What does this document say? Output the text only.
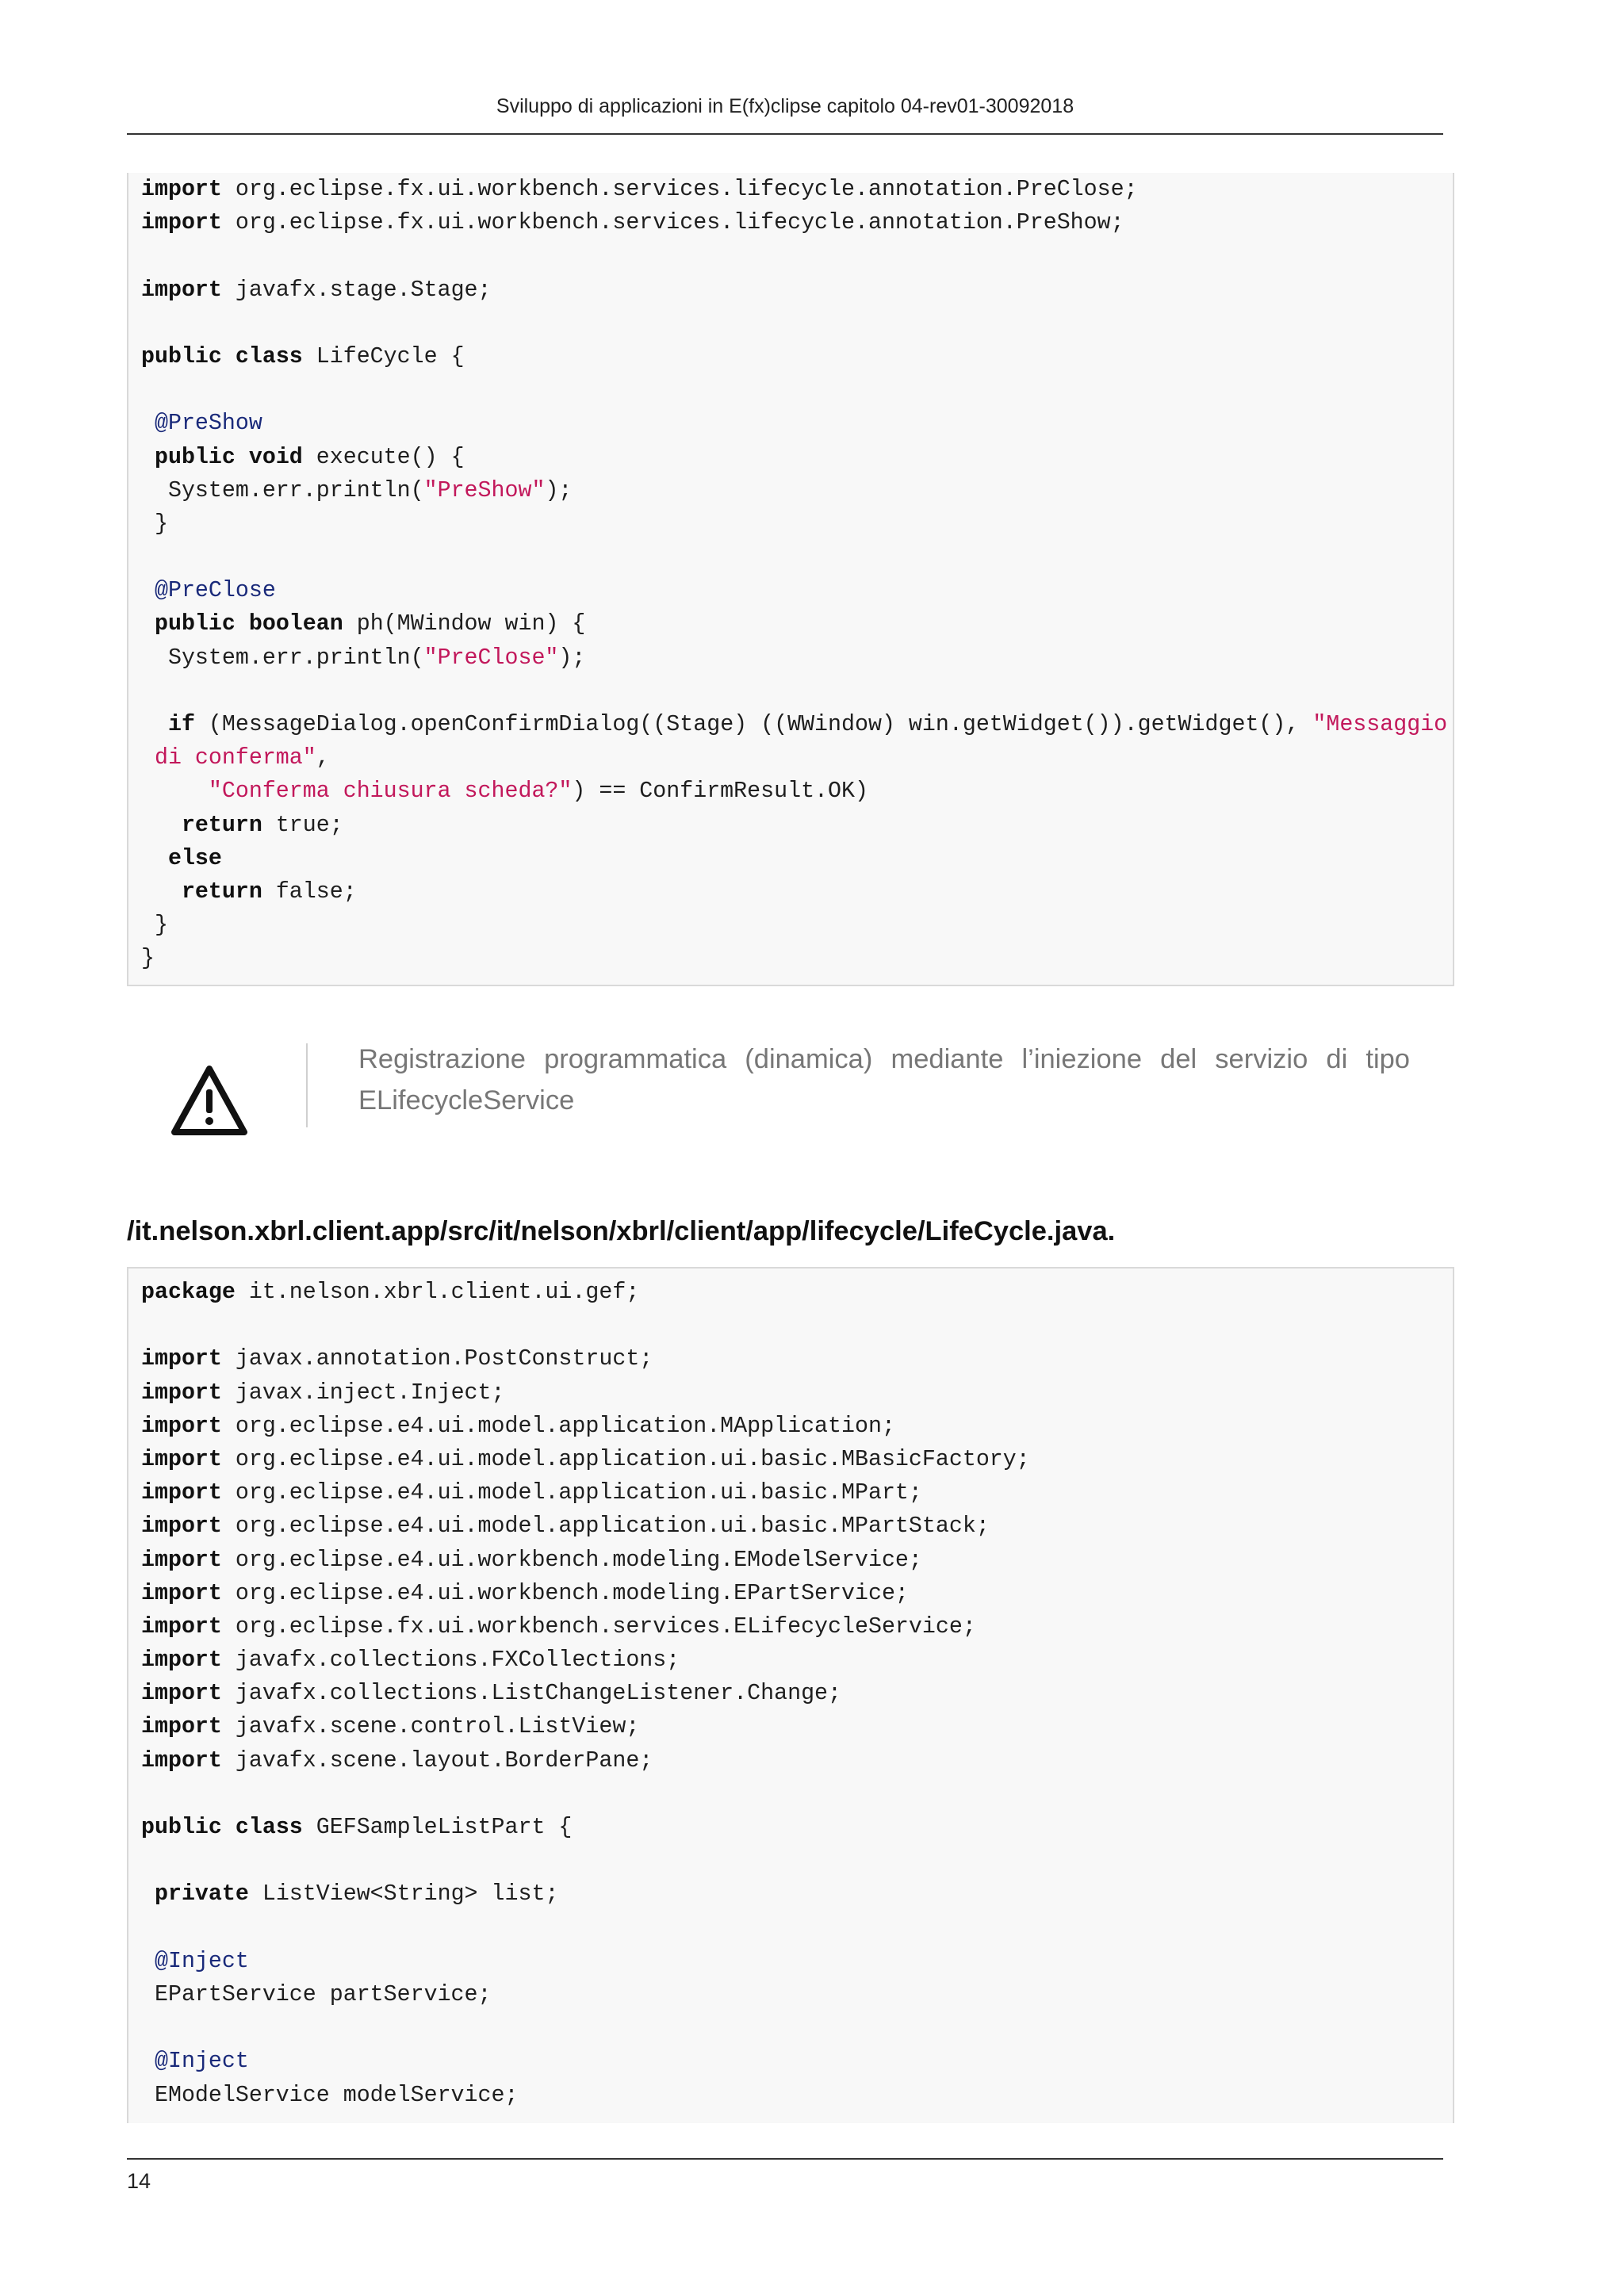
Sviluppo di applicazioni in E(fx)clipse capitolo 04-rev01-30092018
import org.eclipse.fx.ui.workbench.services.lifecycle.annotation.PreClose;
import org.eclipse.fx.ui.workbench.services.lifecycle.annotation.PreShow;

import javafx.stage.Stage;

public class LifeCycle {

@PreShow
public void execute() {
System.err.println("PreShow");
}

@PreClose
public boolean ph(MWindow win) {
System.err.println("PreClose");

if (MessageDialog.openConfirmDialog((Stage) ((WWindow) win.getWidget()).getWidget(), "Messaggio
di conferma",
"Conferma chiusura scheda?") == ConfirmResult.OK)
return true;
else
return false;
}
}
Registrazione programmatica (dinamica) mediante l’iniezione del servizio di tipo ELifecycleService
/it.nelson.xbrl.client.app/src/it/nelson/xbrl/client/app/lifecycle/LifeCycle.java.
package it.nelson.xbrl.client.ui.gef;

import javax.annotation.PostConstruct;
import javax.inject.Inject;
import org.eclipse.e4.ui.model.application.MApplication;
import org.eclipse.e4.ui.model.application.ui.basic.MBasicFactory;
import org.eclipse.e4.ui.model.application.ui.basic.MPart;
import org.eclipse.e4.ui.model.application.ui.basic.MPartStack;
import org.eclipse.e4.ui.workbench.modeling.EModelService;
import org.eclipse.e4.ui.workbench.modeling.EPartService;
import org.eclipse.fx.ui.workbench.services.ELifecycleService;
import javafx.collections.FXCollections;
import javafx.collections.ListChangeListener.Change;
import javafx.scene.control.ListView;
import javafx.scene.layout.BorderPane;

public class GEFSampleListPart {

private ListView<String> list;

@Inject
EPartService partService;

@Inject
EModelService modelService;
14
